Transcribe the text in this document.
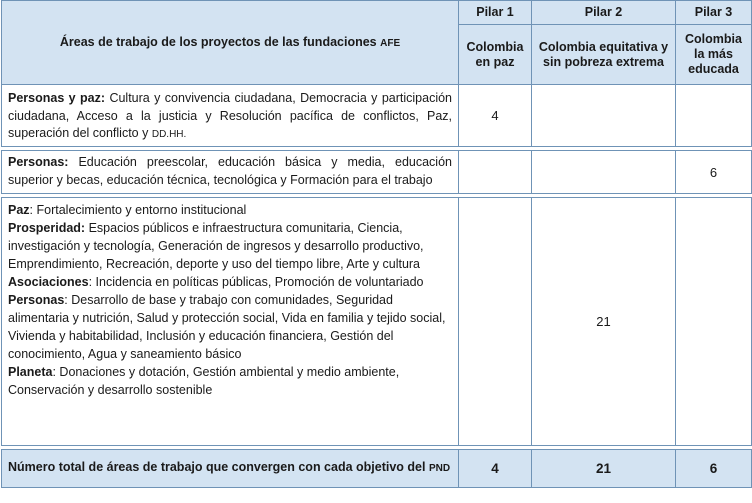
Áreas de trabajo de los proyectos de las fundaciones AFE	Pilar 1	Pilar 2	Pilar 3
	Colombia en paz	Colombia equitativa y sin pobreza extrema	Colombia la más educada
Personas y paz: Cultura y convivencia ciudadana, Democracia y participación ciudadana, Acceso a la justicia y Resolución pacífica de conflictos, Paz, superación del conflicto y DD.HH.	4		

Personas: Educación preescolar, educación básica y media, educación superior y becas, educación técnica, tecnológica y Formación para el trabajo			6

Paz: Fortalecimiento y entorno institucional
Prosperidad: Espacios públicos e infraestructura comunitaria, Ciencia, investigación y tecnología, Generación de ingresos y desarrollo productivo, Emprendimiento, Recreación, deporte y uso del tiempo libre, Arte y cultura
Asociaciones: Incidencia en políticas públicas, Promoción de voluntariado
Personas: Desarrollo de base y trabajo con comunidades, Seguridad alimentaria y nutrición, Salud y protección social, Vida en familia y tejido social, Vivienda y habitabilidad, Inclusión y educación financiera, Gestión del conocimiento, Agua y saneamiento básico
Planeta: Donaciones y dotación, Gestión ambiental y medio ambiente, Conservación y desarrollo sostenible		21	

Número total de áreas de trabajo que convergen con cada objetivo del PND	4	21	6
